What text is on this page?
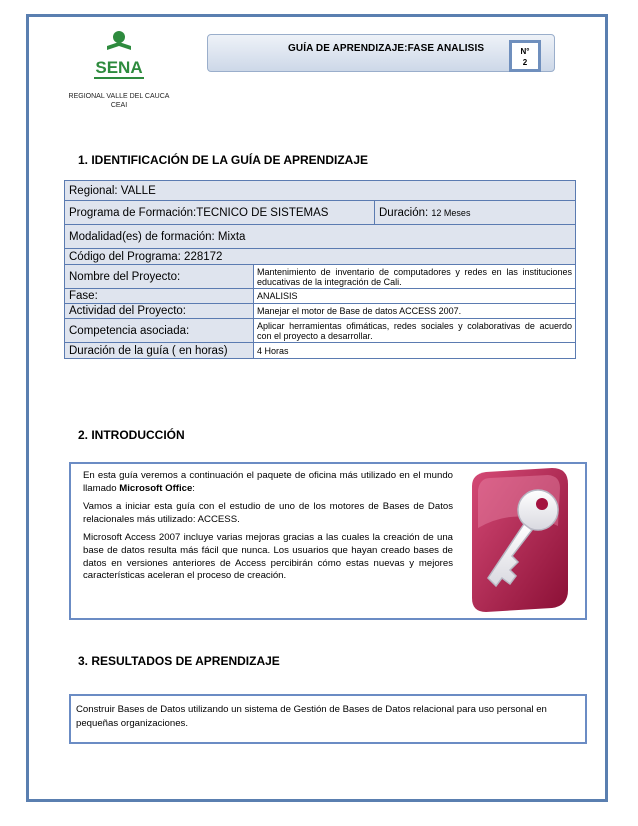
SENA
REGIONAL VALLE DEL CAUCA
CEAI
GUÍA DE APRENDIZAJE:FASE ANALISIS	N°
2
1. IDENTIFICACIÓN DE LA GUÍA DE APRENDIZAJE
Regional: VALLE		
Programa de Formación:TECNICO DE SISTEMAS		Duración: 12 Meses
Modalidad(es) de formación: Mixta		
Código del Programa: 228172		
Nombre del Proyecto:	Mantenimiento de inventario de computadores y redes en las instituciones educativas de la integración de Cali.	
Fase:	ANALISIS	
Actividad del Proyecto:	Manejar el motor de Base de datos ACCESS 2007.	
Competencia asociada:	Aplicar herramientas ofimáticas, redes sociales y colaborativas de acuerdo con el proyecto a desarrollar.	
Duración de la guía ( en horas)	4 Horas	
2. INTRODUCCIÓN

En esta guía veremos a continuación el paquete de oficina más utilizado en el mundo llamado Microsoft Office:

Vamos a iniciar esta guía con el estudio de uno de los motores de Bases de Datos relacionales más utilizado: ACCESS.

Microsoft Access 2007 incluye varias mejoras gracias a las cuales la creación de una base de datos resulta más fácil que nunca. Los usuarios que hayan creado bases de datos en versiones anteriores de Access percibirán cómo estas nuevas y mejores características aceleran el proceso de creación.

3. RESULTADOS DE APRENDIZAJE
Construir Bases de Datos utilizando un sistema de Gestión de Bases de Datos relacional para uso personal en pequeñas organizaciones.
